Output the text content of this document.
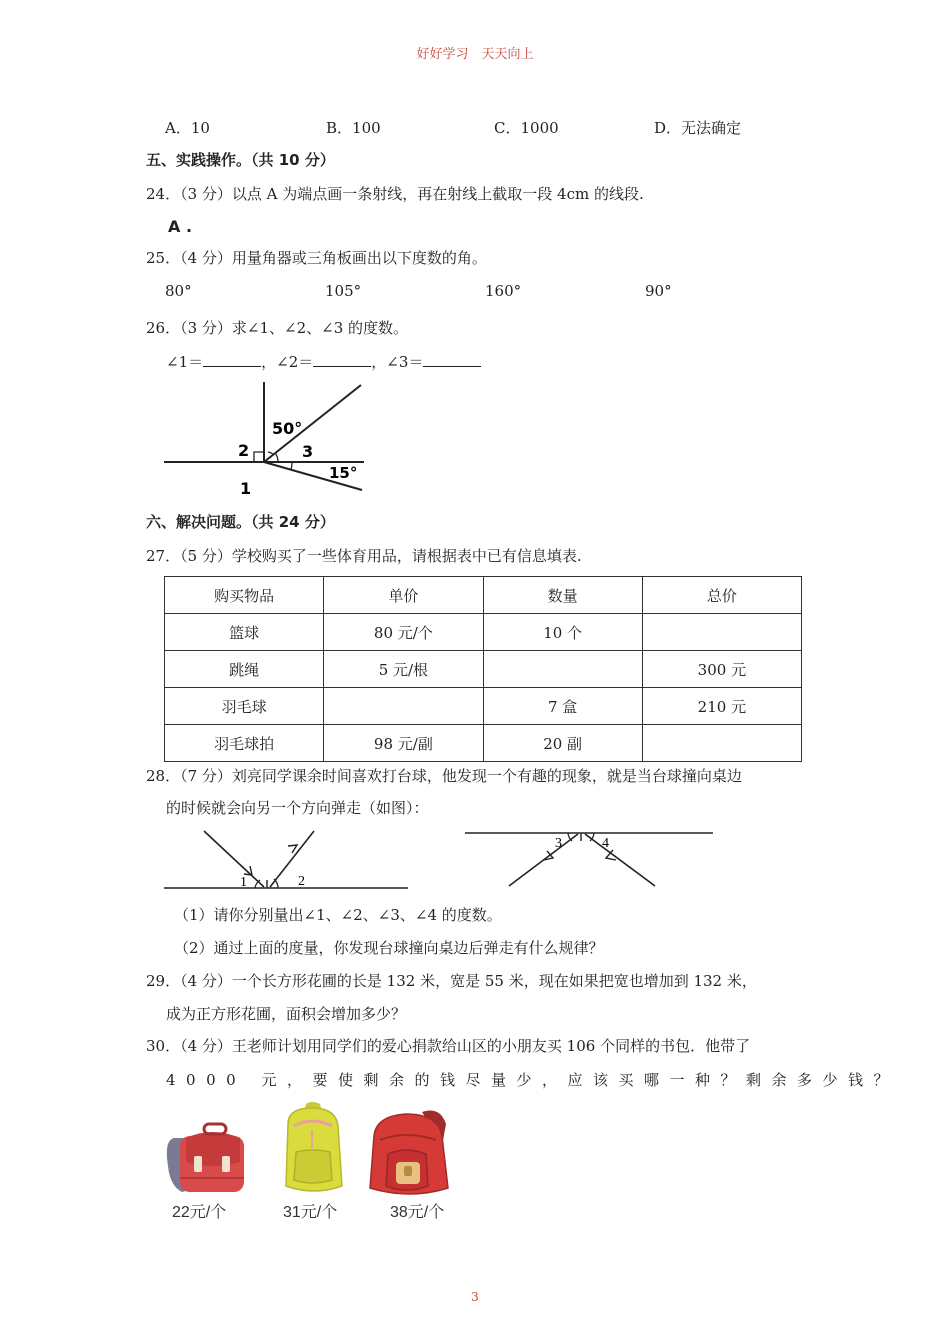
好好学习　天天向上
A．10	B．100	C．1000	D．无法确定
五、实践操作。（共 10 分）
24．（3 分）以点 A 为端点画一条射线，再在射线上截取一段 4cm 的线段.
A .
25．（4 分）用量角器或三角板画出以下度数的角。
80°	105°	160°	90°
26．（3 分）求∠1、∠2、∠3 的度数。
∠1＝	，∠2＝	，∠3＝
50°
2	3
1
15°
六、解决问题。（共 24 分）
27．（5 分）学校购买了一些体育用品，请根据表中已有信息填表.
购买物品	单价	数量	总价
篮球	80 元/个	10 个	
跳绳	5 元/根		300 元
羽毛球		7 盒	210 元
羽毛球拍	98 元/副	20 副	
28．（7 分）刘亮同学课余时间喜欢打台球，他发现一个有趣的现象，就是当台球撞向桌边
的时候就会向另一个方向弹走（如图）：
1	2
3	4
（1）请你分别量出∠1、∠2、∠3、∠4 的度数。
（2）通过上面的度量，你发现台球撞向桌边后弹走有什么规律？
29．（4 分）一个长方形花圃的长是 132 米，宽是 55 米，现在如果把宽也增加到 132 米，
成为正方形花圃，面积会增加多少？
30．（4 分）王老师计划用同学们的爱心捐款给山区的小朋友买 106 个同样的书包．他带了
4000 元，要使剩余的钱尽量少，应该买哪一种？剩余多少钱？
22元/个	31元/个	38元/个
3
